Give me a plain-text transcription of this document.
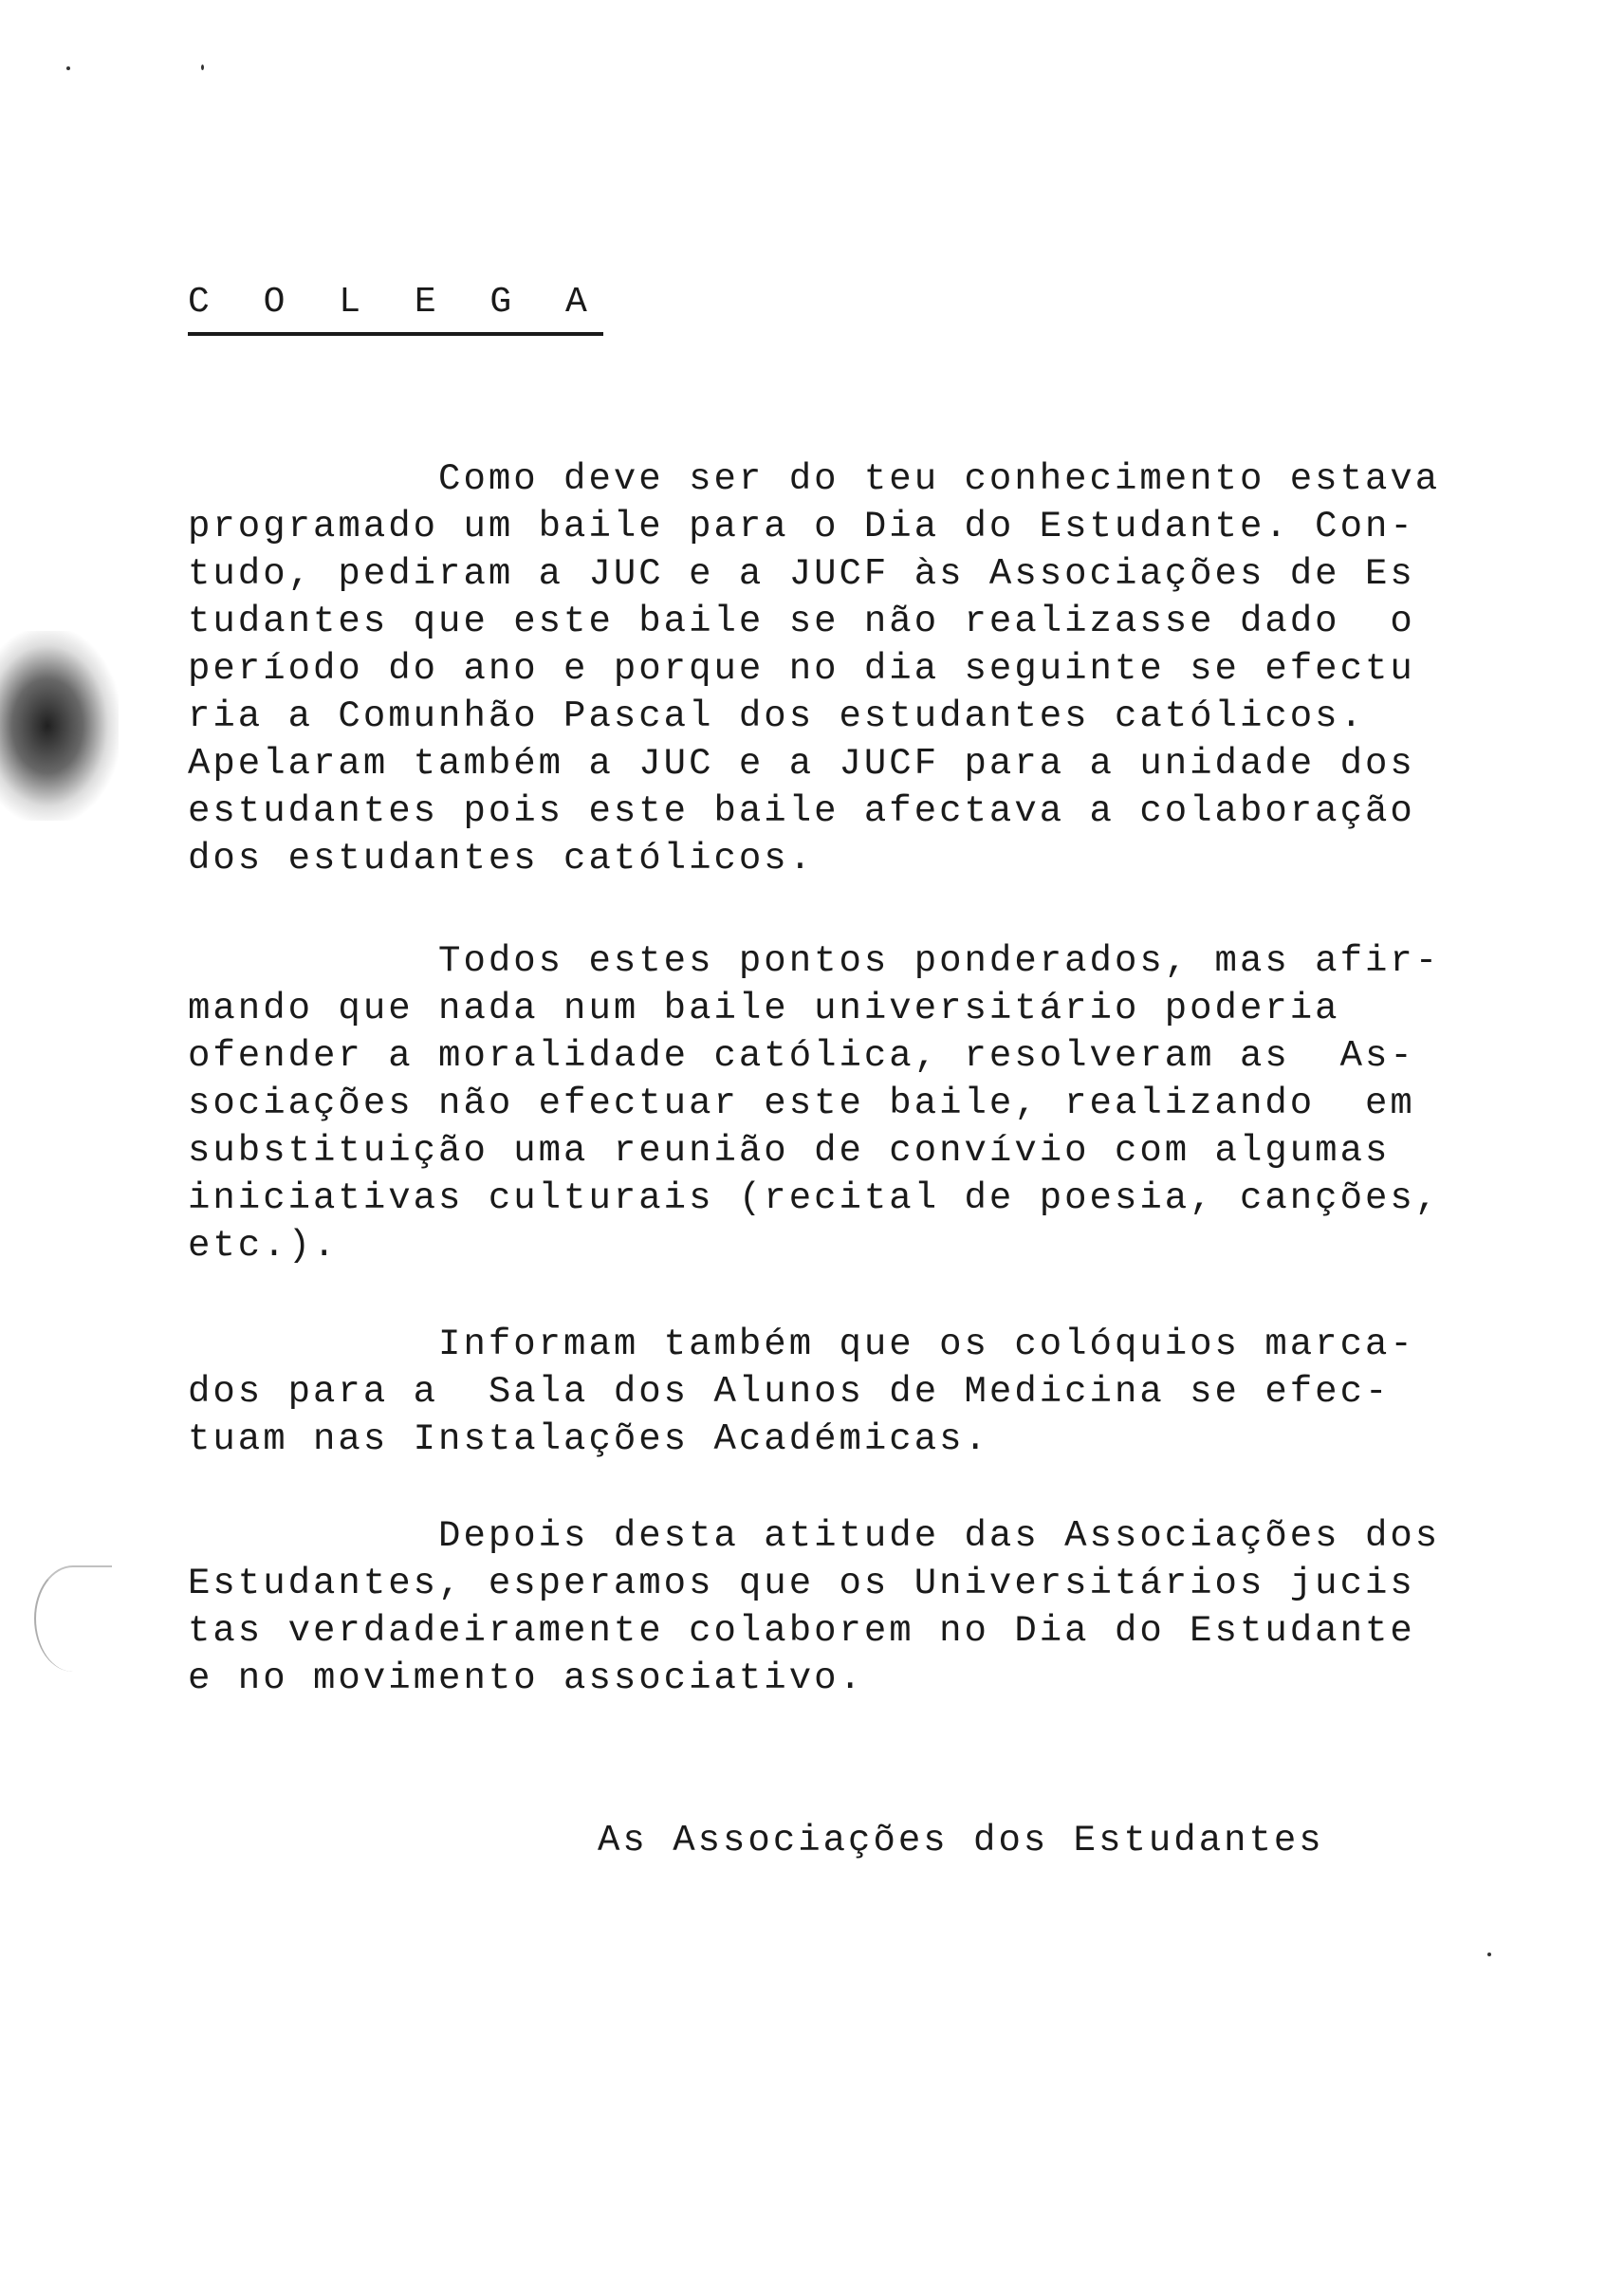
C O L E G A

Como deve ser do teu conhecimento estava
programado um baile para o Dia do Estudante. Con-
tudo, pediram a JUC e a JUCF às Associações de Es
tudantes que este baile se não realizasse dado  o
período do ano e porque no dia seguinte se efectu
ria a Comunhão Pascal dos estudantes católicos.
Apelaram também a JUC e a JUCF para a unidade dos
estudantes pois este baile afectava a colaboração
dos estudantes católicos.

Todos estes pontos ponderados, mas afir-
mando que nada num baile universitário poderia
ofender a moralidade católica, resolveram as  As-
sociações não efectuar este baile, realizando  em
substituição uma reunião de convívio com algumas
iniciativas culturais (recital de poesia, canções,
etc.).

Informam também que os colóquios marca-
dos para a  Sala dos Alunos de Medicina se efec-
tuam nas Instalações Académicas.

Depois desta atitude das Associações dos
Estudantes, esperamos que os Universitários jucis
tas verdadeiramente colaborem no Dia do Estudante
e no movimento associativo.

As Associações dos Estudantes
